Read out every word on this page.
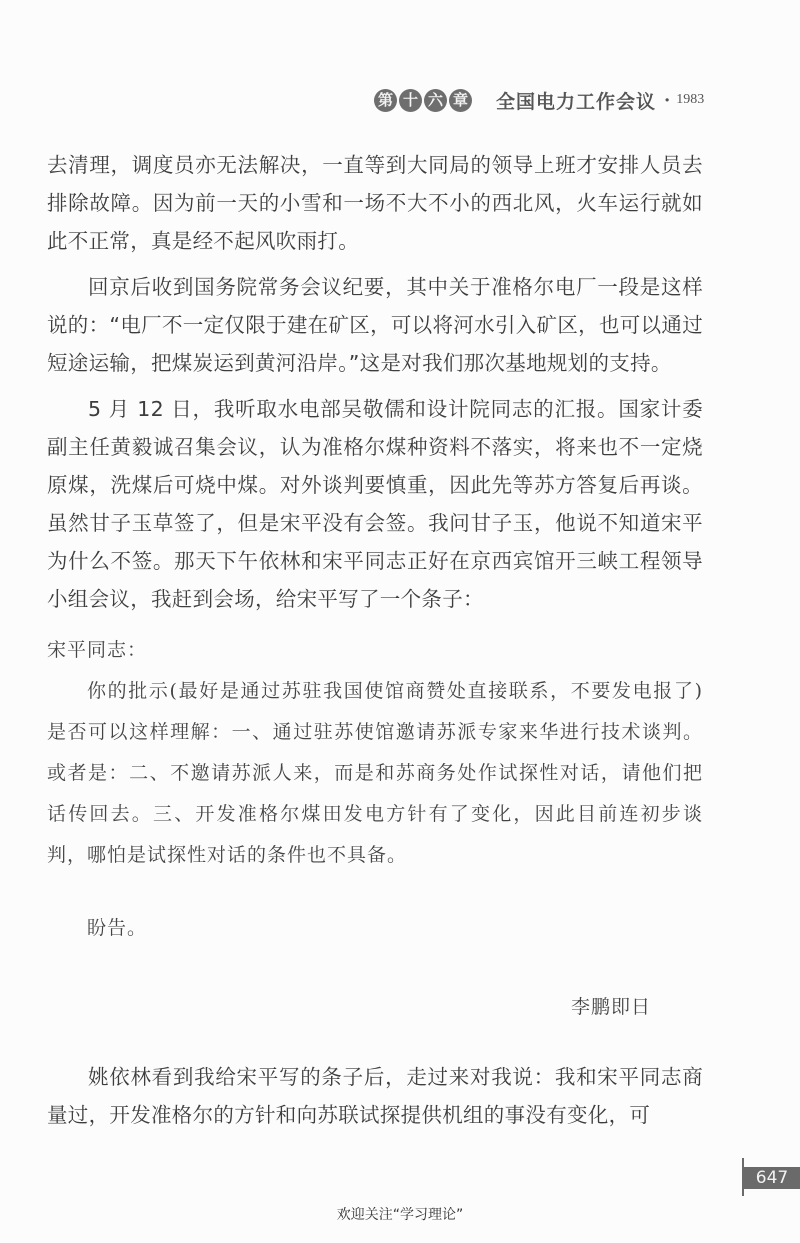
第 十 六 章 全国电力工作会议 · 1983

去清理，调度员亦无法解决，一直等到大同局的领导上班才安排人员去排除故障。因为前一天的小雪和一场不大不小的西北风，火车运行就如此不正常，真是经不起风吹雨打。

回京后收到国务院常务会议纪要，其中关于准格尔电厂一段是这样说的：“电厂不一定仅限于建在矿区，可以将河水引入矿区，也可以通过短途运输，把煤炭运到黄河沿岸。”这是对我们那次基地规划的支持。

5 月 12 日，我听取水电部吴敬儒和设计院同志的汇报。国家计委副主任黄毅诚召集会议，认为准格尔煤种资料不落实，将来也不一定烧原煤，洗煤后可烧中煤。对外谈判要慎重，因此先等苏方答复后再谈。虽然甘子玉草签了，但是宋平没有会签。我问甘子玉，他说不知道宋平为什么不签。那天下午依林和宋平同志正好在京西宾馆开三峡工程领导小组会议，我赶到会场，给宋平写了一个条子：

宋平同志：

你的批示(最好是通过苏驻我国使馆商赞处直接联系，不要发电报了)是否可以这样理解：一、通过驻苏使馆邀请苏派专家来华进行技术谈判。或者是：二、不邀请苏派人来，而是和苏商务处作试探性对话，请他们把话传回去。三、开发准格尔煤田发电方针有了变化，因此目前连初步谈判，哪怕是试探性对话的条件也不具备。

盼告。

李鹏即日

姚依林看到我给宋平写的条子后，走过来对我说：我和宋平同志商量过，开发准格尔的方针和向苏联试探提供机组的事没有变化，可

647
欢迎关注“学习理论”
